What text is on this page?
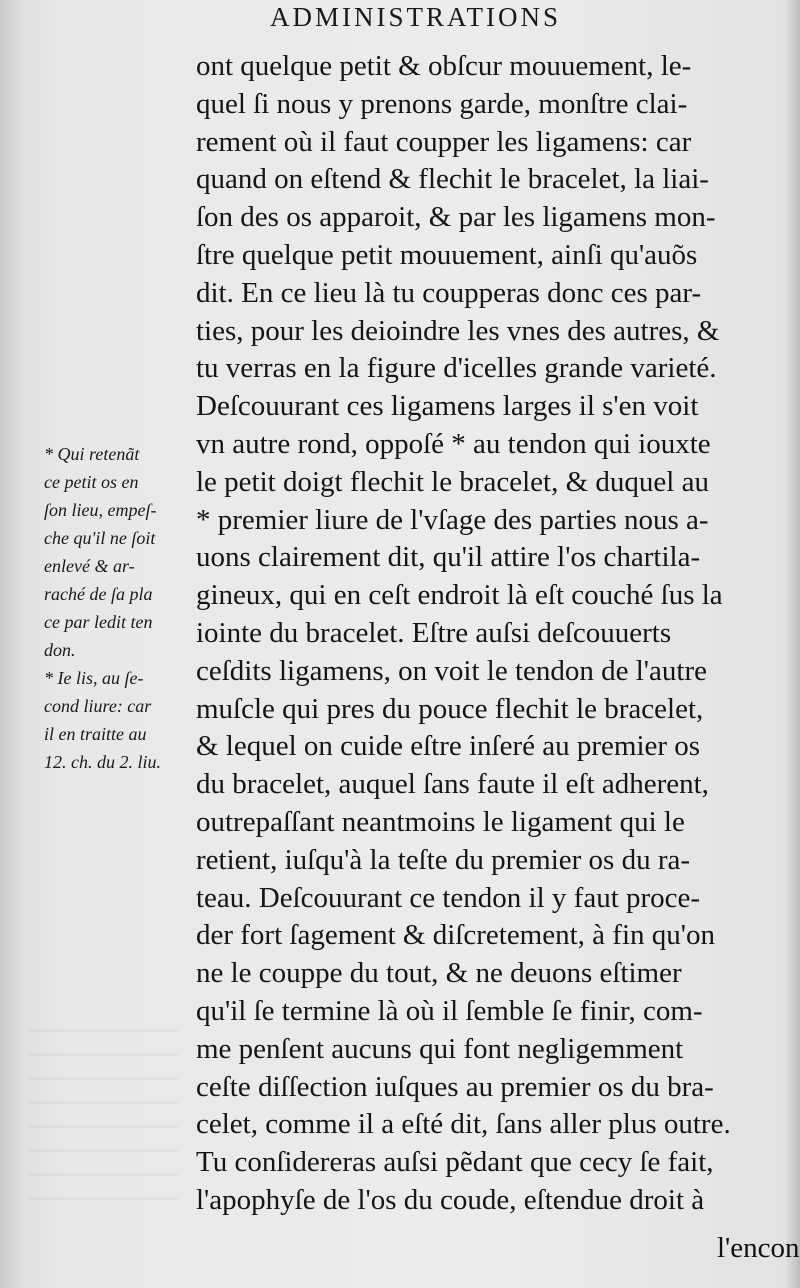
ADMINISTRATIONS
ont quelque petit & obſcur mouuement, le-
quel ſi nous y prenons garde, monſtre clai-
rement où il faut coupper les ligamens: car
quand on eſtend & flechit le bracelet, la liai-
ſon des os apparoit, & par les ligamens mon-
ſtre quelque petit mouuement, ainſi qu'auõs
dit. En ce lieu là tu coupperas donc ces par-
ties, pour les deioindre les vnes des autres, &
tu verras en la figure d'icelles grande varieté.
Deſcouurant ces ligamens larges il s'en voit
vn autre rond, oppoſé * au tendon qui iouxte
le petit doigt flechit le bracelet, & duquel au
* premier liure de l'vſage des parties nous a-
uons clairement dit, qu'il attire l'os chartila-
gineux, qui en ceſt endroit là eſt couché ſus la
iointe du bracelet. Eſtre auſsi deſcouuerts
ceſdits ligamens, on voit le tendon de l'autre
muſcle qui pres du pouce flechit le bracelet,
& lequel on cuide eſtre inſeré au premier os
du bracelet, auquel ſans faute il eſt adherent,
outrepaſſant neantmoins le ligament qui le
retient, iuſqu'à la teſte du premier os du ra-
teau. Deſcouurant ce tendon il y faut proce-
der fort ſagement & diſcretement, à fin qu'on
ne le couppe du tout, & ne deuons eſtimer
qu'il ſe termine là où il ſemble ſe finir, com-
me penſent aucuns qui font negligemment
ceſte diſſection iuſques au premier os du bra-
celet, comme il a eſté dit, ſans aller plus outre.
Tu conſidereras auſsi pẽdant que cecy ſe fait,
l'apophyſe de l'os du coude, eſtendue droit à
* Qui retenãt
ce petit os en
ſon lieu, empeſ-
che qu'il ne ſoit
enlevé & ar-
raché de ſa pla
ce par ledit ten
don.
* Ie lis, au ſe-
cond liure: car
il en traitte au
12. ch. du 2. liu.
l'encon
